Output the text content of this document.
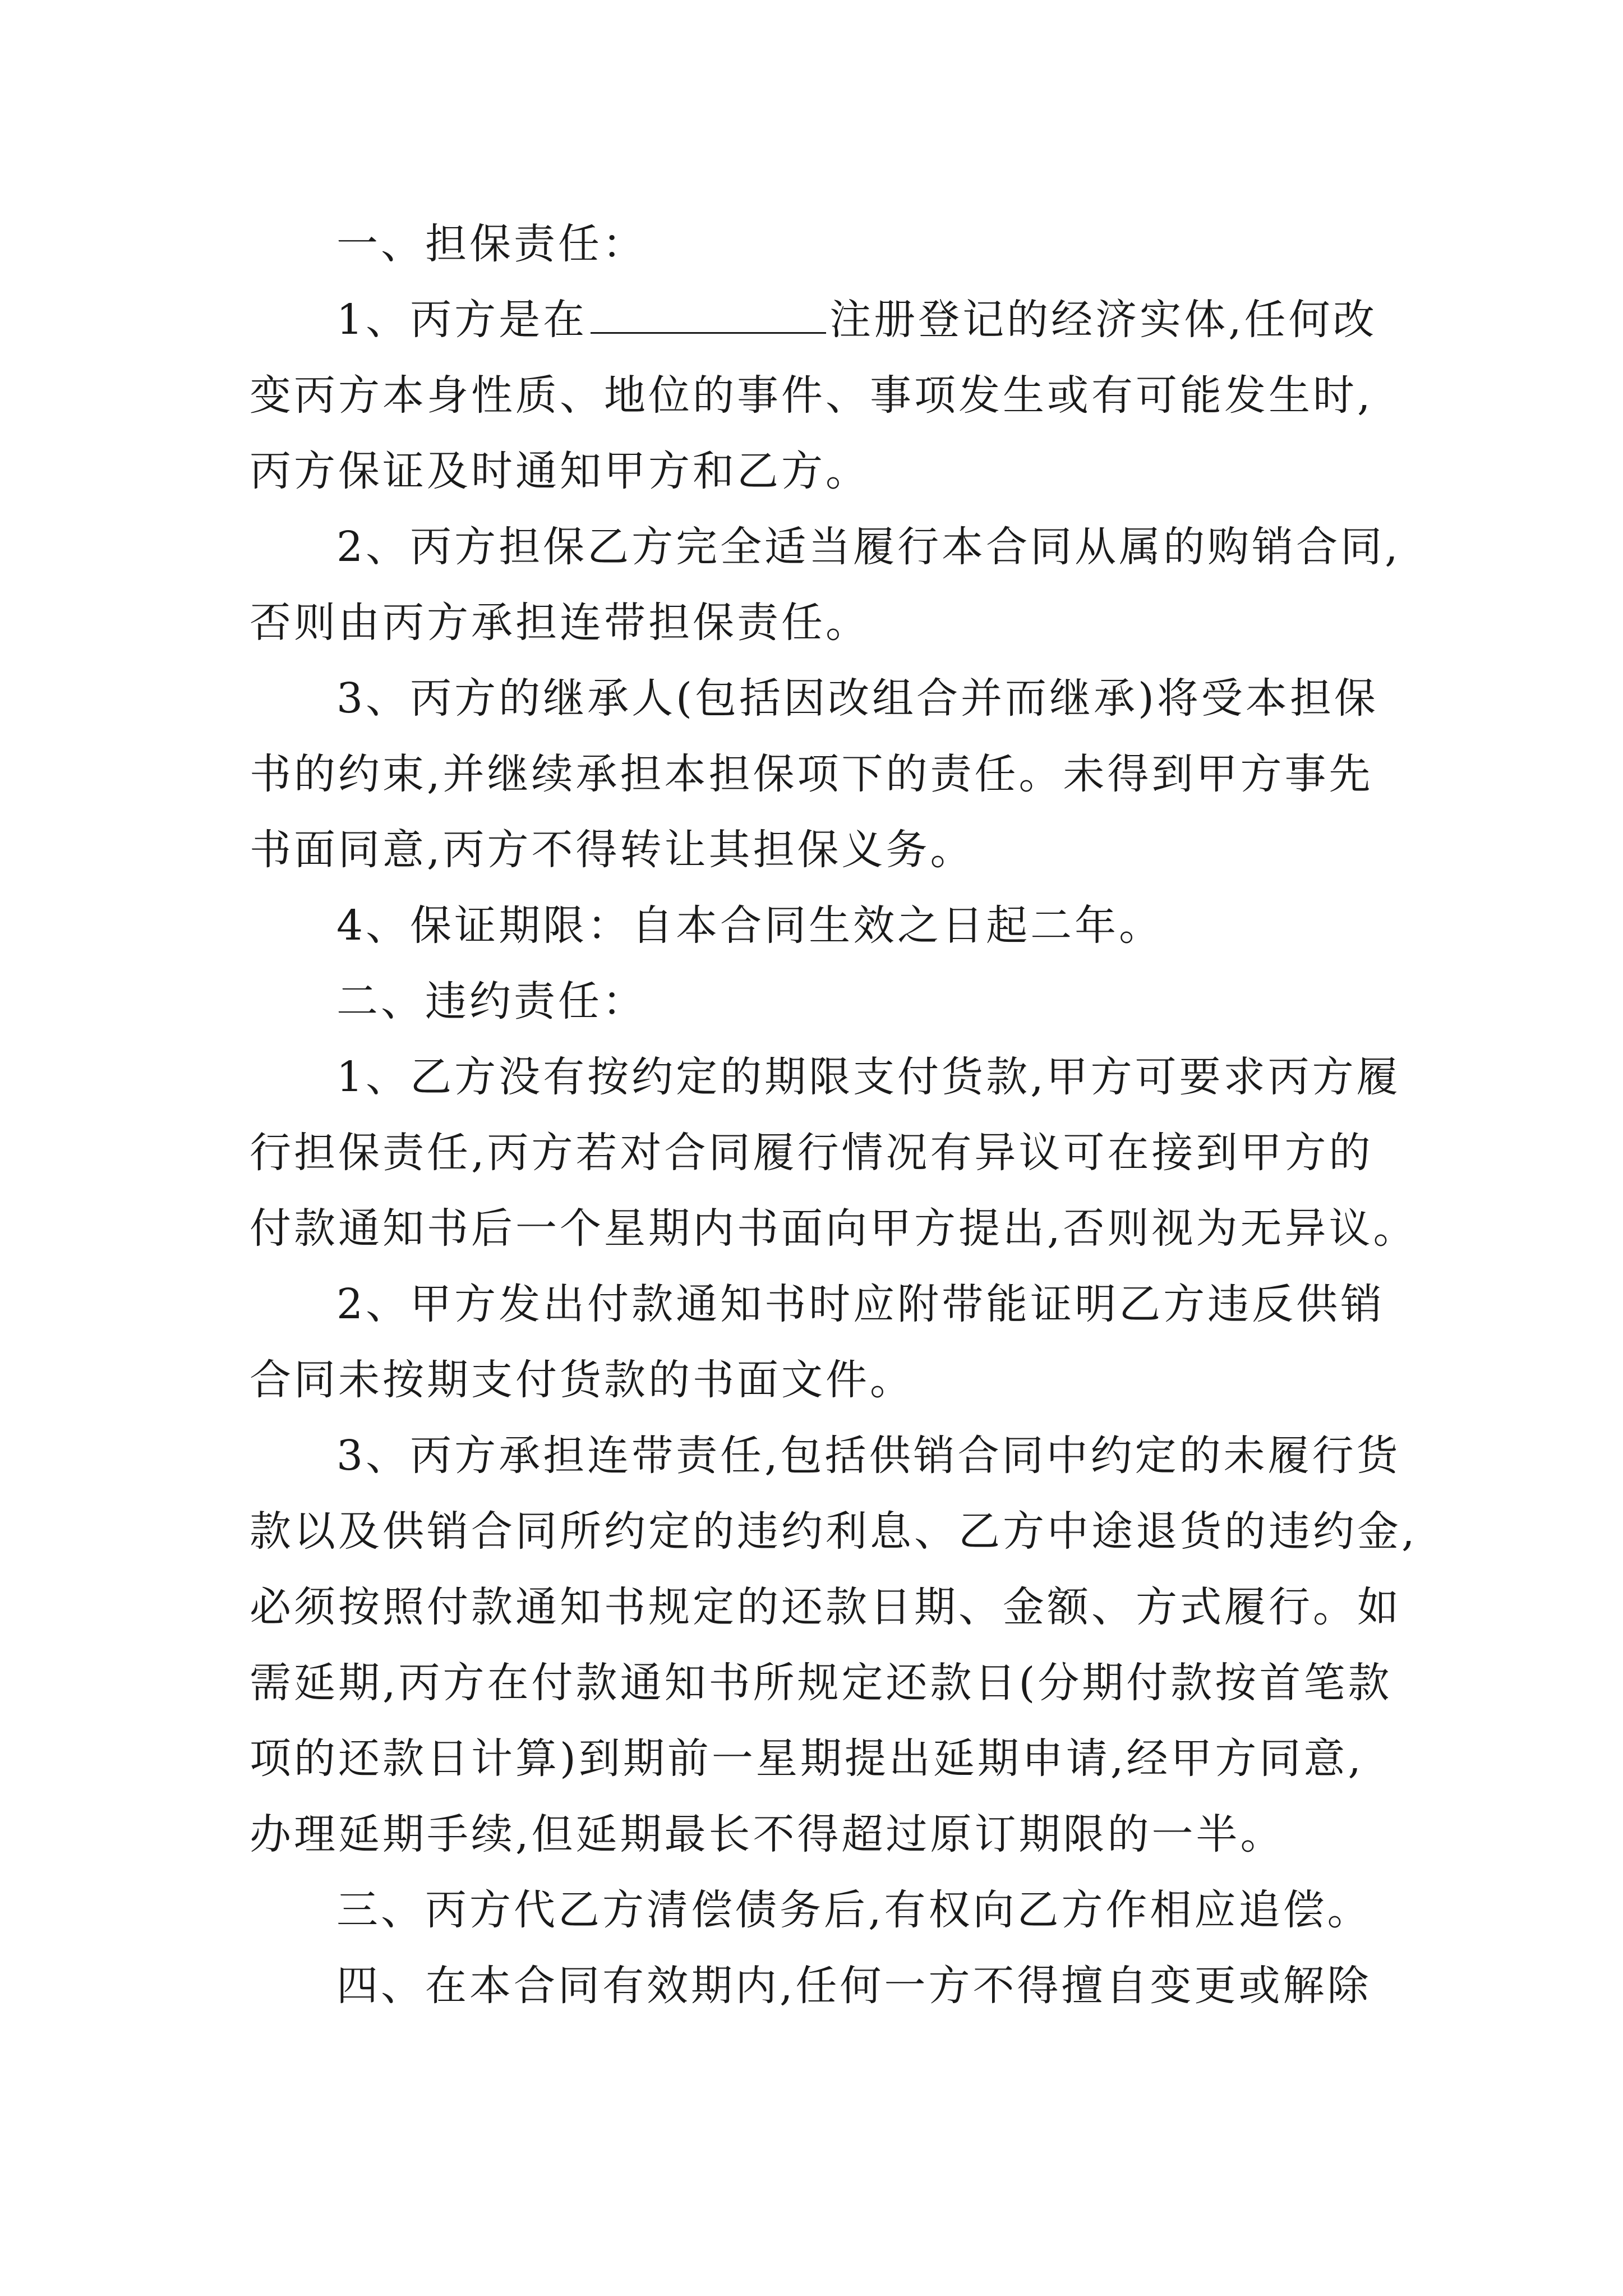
一、担保责任：
1、丙方是在	注册登记的经济实体,任何改
变丙方本身性质、地位的事件、事项发生或有可能发生时,
丙方保证及时通知甲方和乙方。
2、丙方担保乙方完全适当履行本合同从属的购销合同,
否则由丙方承担连带担保责任。
3、丙方的继承人(包括因改组合并而继承)将受本担保
书的约束,并继续承担本担保项下的责任。未得到甲方事先
书面同意,丙方不得转让其担保义务。
4、保证期限：自本合同生效之日起二年。
二、违约责任：
1、乙方没有按约定的期限支付货款,甲方可要求丙方履
行担保责任,丙方若对合同履行情况有异议可在接到甲方的
付款通知书后一个星期内书面向甲方提出,否则视为无异议。
2、甲方发出付款通知书时应附带能证明乙方违反供销
合同未按期支付货款的书面文件。
3、丙方承担连带责任,包括供销合同中约定的未履行货
款以及供销合同所约定的违约利息、乙方中途退货的违约金,
必须按照付款通知书规定的还款日期、金额、方式履行。如
需延期,丙方在付款通知书所规定还款日(分期付款按首笔款
项的还款日计算)到期前一星期提出延期申请,经甲方同意,
办理延期手续,但延期最长不得超过原订期限的一半。
三、丙方代乙方清偿债务后,有权向乙方作相应追偿。
四、在本合同有效期内,任何一方不得擅自变更或解除
